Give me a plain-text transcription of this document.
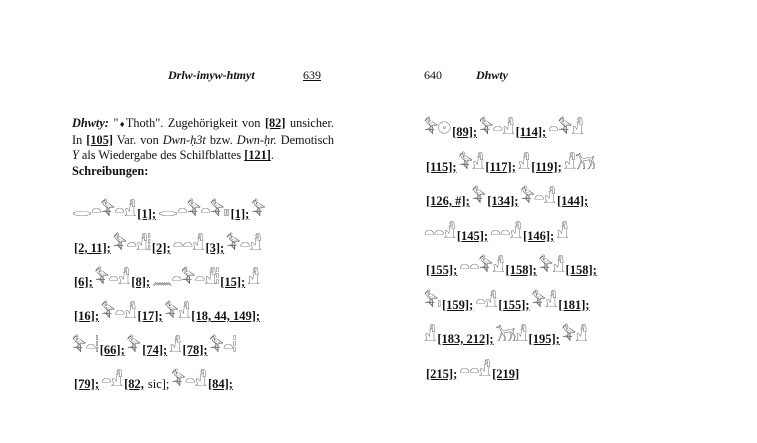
Drlw-imyw-htmyt	639

Dhwty: "♦Thoth". Zugehörigkeit von [82] unsicher. In [105] Var. von Dwn-ḥ3t bzw. Dwn-ḥr. Demotisch Y als Wiedergabe des Schilfblattes [121].

Schreibungen:
𓂋𓏏𓅝𓏏𓀭 [1]; 𓂋𓏏𓅝𓏏𓅝𓏤𓏤 [1]; 𓅝
[2, 11]; 𓅝𓏏𓀭𓏪 [2]; 𓏏𓏏𓀭 [3]; 𓅝𓏏𓀭
[6]; 𓅝𓏏𓀭 [8]; 𓈖𓏏𓅝𓏏𓀭𓏪 [15]; 𓀭
[16]; 𓅝𓏏𓀭 [17]; 𓅝𓀭 [18, 44, 149];
𓅝𓏏𓏪 [66]; 𓅝 [74]; 𓀭 [78]; 𓅝𓏏𓏪
[79]; 𓏏𓀭 [82, sic]; 𓅝𓏏𓀭 [84];
640	Dhwty
𓅝𓇳 [89]; 𓅝𓏏𓀭 [114]; 𓏏𓅝𓀭
[115]; 𓅝𓀭 [117]; 𓀭 [119]; 𓀭𓃡
[126, #]; 𓅝 [134]; 𓅝𓏏𓀭 [144];
𓏏𓏏𓀭 [145]; 𓏏𓏏𓀭 [146]; 𓀭
[155]; 𓏏𓏏𓅝𓀭 [158]; 𓅝𓀭 [158];
𓅝𓏤 [159]; 𓏏𓀭 [155]; 𓅝𓀭 [181];
𓀭 [183, 212]; 𓃡𓀭 [195]; 𓅝𓀭
[215]; 𓏏𓏏𓀭 [219]
